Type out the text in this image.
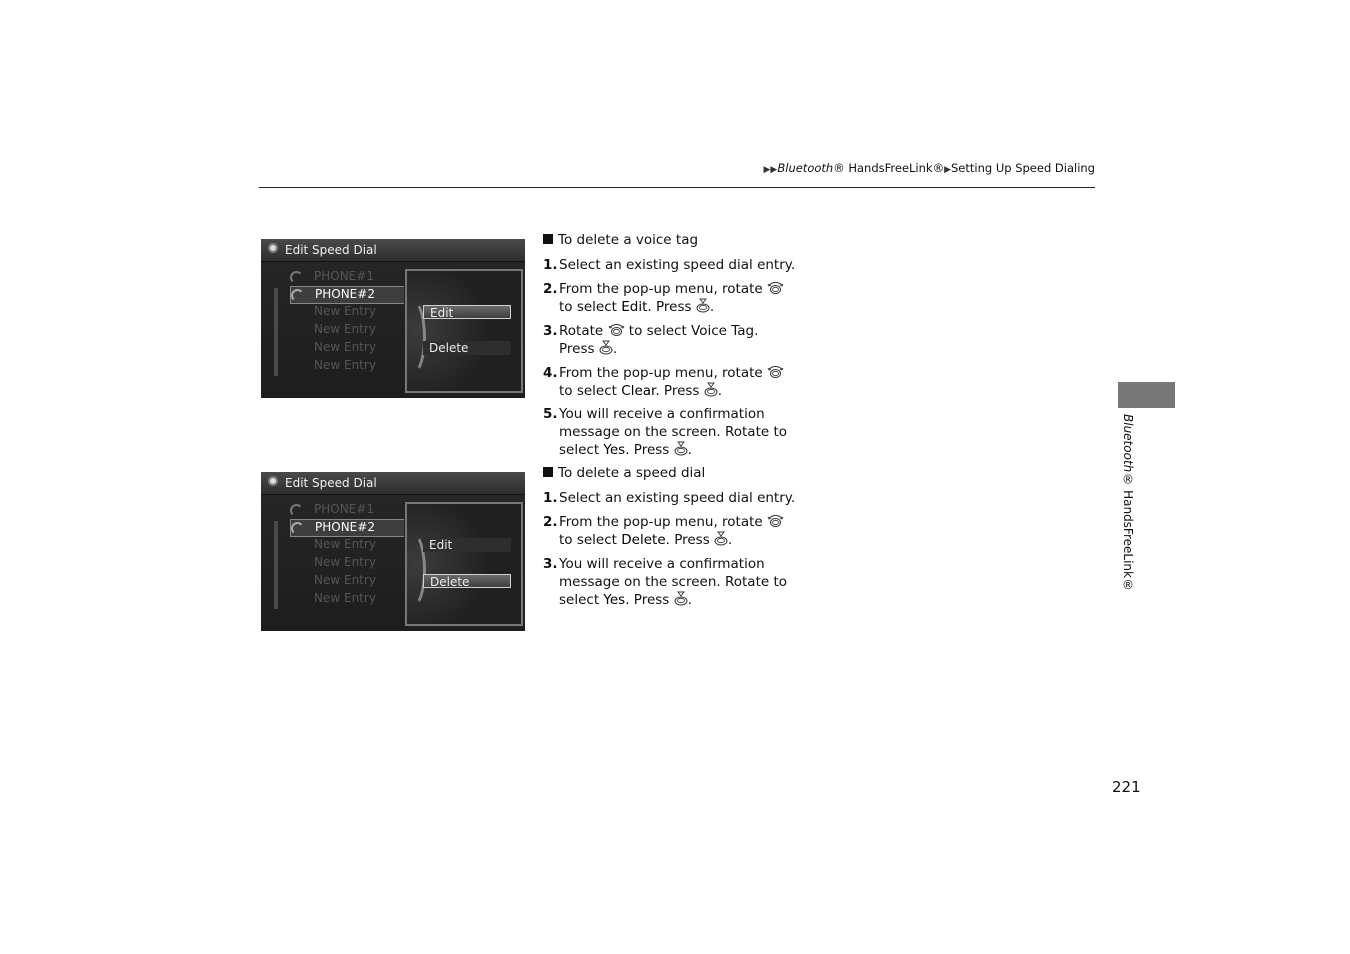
▶▶Bluetooth® HandsFreeLink®▶Setting Up Speed Dialing
Edit Speed Dial
PHONE#1
PHONE#2
New Entry
New Entry
New Entry
New Entry
Edit
Delete
Edit Speed Dial
PHONE#1
PHONE#2
New Entry
New Entry
New Entry
New Entry
Edit
Delete
To delete a voice tag
1. Select an existing speed dial entry.
2. From the pop-up menu, rotate
to select Edit. Press .
3. Rotate to select Voice Tag.
Press .
4. From the pop-up menu, rotate
to select Clear. Press .
5. You will receive a confirmation
message on the screen. Rotate to
select Yes. Press .
To delete a speed dial
1. Select an existing speed dial entry.
2. From the pop-up menu, rotate
to select Delete. Press .
3. You will receive a confirmation
message on the screen. Rotate to
select Yes. Press .
Bluetooth® HandsFreeLink®
221
